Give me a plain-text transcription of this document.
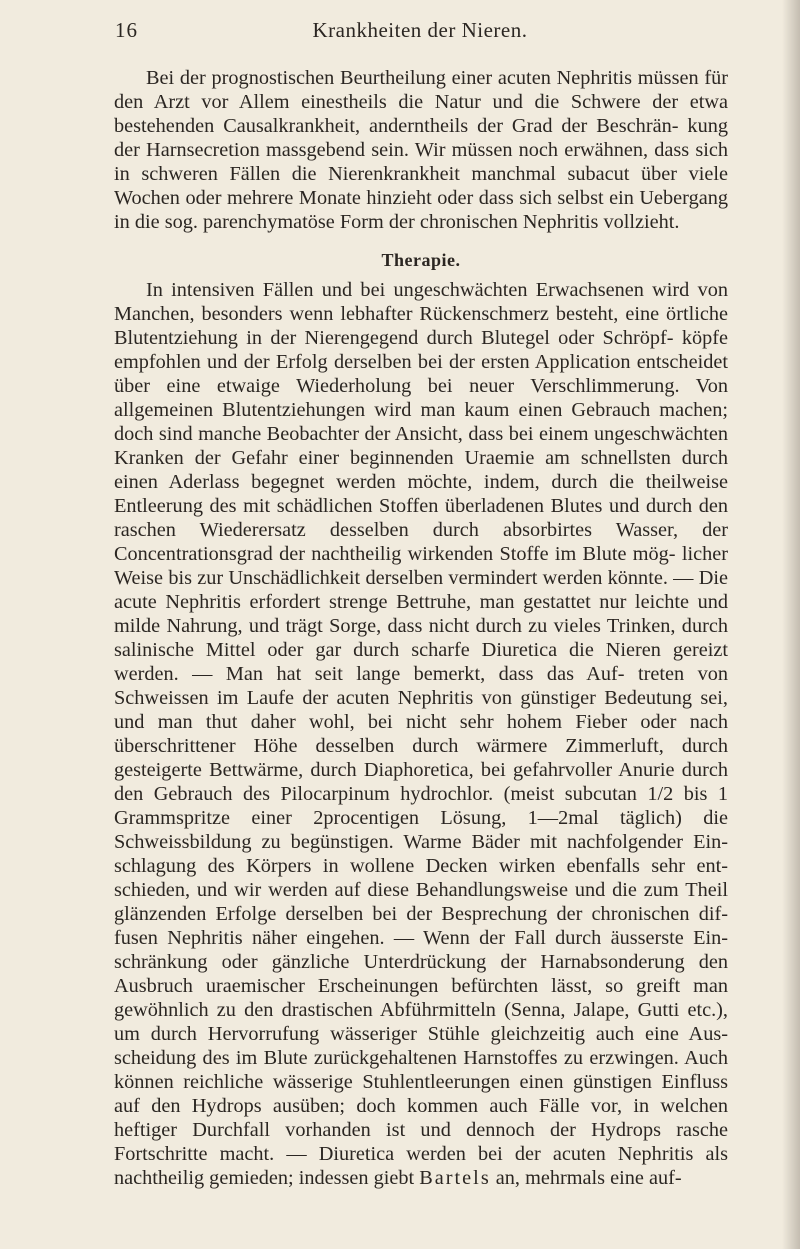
16	Krankheiten der Nieren.

Bei der prognostischen Beurtheilung einer acuten Nephritis müssen für den Arzt vor Allem einestheils die Natur und die Schwere der etwa bestehenden Causalkrankheit, anderntheils der Grad der Beschrän- kung der Harnsecretion massgebend sein. Wir müssen noch erwähnen, dass sich in schweren Fällen die Nierenkrankheit manchmal subacut über viele Wochen oder mehrere Monate hinzieht oder dass sich selbst ein Uebergang in die sog. parenchymatöse Form der chronischen Nephritis vollzieht.

Therapie.

In intensiven Fällen und bei ungeschwächten Erwachsenen wird von Manchen, besonders wenn lebhafter Rückenschmerz besteht, eine örtliche Blutentziehung in der Nierengegend durch Blutegel oder Schröpf- köpfe empfohlen und der Erfolg derselben bei der ersten Application entscheidet über eine etwaige Wiederholung bei neuer Verschlimmerung. Von allgemeinen Blutentziehungen wird man kaum einen Gebrauch machen; doch sind manche Beobachter der Ansicht, dass bei einem ungeschwächten Kranken der Gefahr einer beginnenden Uraemie am schnellsten durch einen Aderlass begegnet werden möchte, indem, durch die theilweise Entleerung des mit schädlichen Stoffen überladenen Blutes und durch den raschen Wiederersatz desselben durch absorbirtes Wasser, der Concentrationsgrad der nachtheilig wirkenden Stoffe im Blute mög- licher Weise bis zur Unschädlichkeit derselben vermindert werden könnte. — Die acute Nephritis erfordert strenge Bettruhe, man gestattet nur leichte und milde Nahrung, und trägt Sorge, dass nicht durch zu vieles Trinken, durch salinische Mittel oder gar durch scharfe Diuretica die Nieren gereizt werden. — Man hat seit lange bemerkt, dass das Auf- treten von Schweissen im Laufe der acuten Nephritis von günstiger Bedeutung sei, und man thut daher wohl, bei nicht sehr hohem Fieber oder nach überschrittener Höhe desselben durch wärmere Zimmerluft, durch gesteigerte Bettwärme, durch Diaphoretica, bei gefahrvoller Anurie durch den Gebrauch des Pilocarpinum hydrochlor. (meist subcutan 1/2 bis 1 Grammspritze einer 2procentigen Lösung, 1—2mal täglich) die Schweissbildung zu begünstigen. Warme Bäder mit nachfolgender Ein- schlagung des Körpers in wollene Decken wirken ebenfalls sehr ent- schieden, und wir werden auf diese Behandlungsweise und die zum Theil glänzenden Erfolge derselben bei der Besprechung der chronischen dif- fusen Nephritis näher eingehen. — Wenn der Fall durch äusserste Ein- schränkung oder gänzliche Unterdrückung der Harnabsonderung den Ausbruch uraemischer Erscheinungen befürchten lässt, so greift man gewöhnlich zu den drastischen Abführmitteln (Senna, Jalape, Gutti etc.), um durch Hervorrufung wässeriger Stühle gleichzeitig auch eine Aus- scheidung des im Blute zurückgehaltenen Harnstoffes zu erzwingen. Auch können reichliche wässerige Stuhlentleerungen einen günstigen Einfluss auf den Hydrops ausüben; doch kommen auch Fälle vor, in welchen heftiger Durchfall vorhanden ist und dennoch der Hydrops rasche Fortschritte macht. — Diuretica werden bei der acuten Nephritis als nachtheilig gemieden; indessen giebt Bartels an, mehrmals eine auf-
